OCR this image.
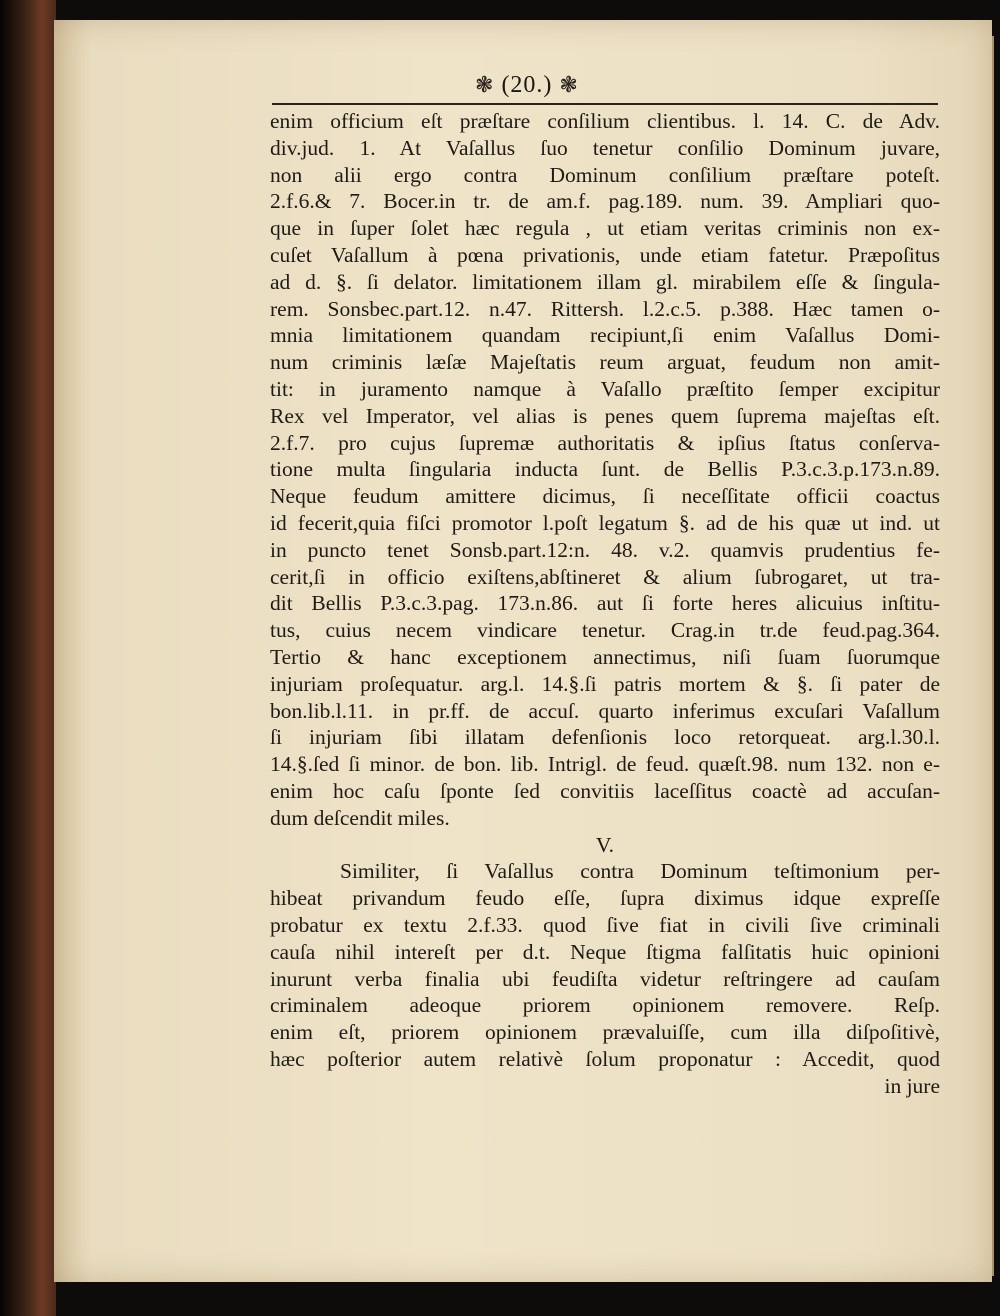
❃ (20.) ❃
enim officium eſt præſtare conſilium clientibus. l. 14. C. de Adv.
div.jud. 1. At Vaſallus ſuo tenetur conſilio Dominum juvare,
non alii ergo contra Dominum conſilium præſtare poteſt.
2.f.6.& 7. Bocer.in tr. de am.f. pag.189. num. 39. Ampliari quo-
que in ſuper ſolet hæc regula , ut etiam veritas criminis non ex-
cuſet Vaſallum à pœna privationis, unde etiam fatetur. Præpoſitus
ad d. §. ſi delator. limitationem illam gl. mirabilem eſſe & ſingula-
rem. Sonsbec.part.12. n.47. Rittersh. l.2.c.5. p.388. Hæc tamen o-
mnia limitationem quandam recipiunt,ſi enim Vaſallus Domi-
num criminis læſæ Majeſtatis reum arguat, feudum non amit-
tit: in juramento namque à Vaſallo præſtito ſemper excipitur
Rex vel Imperator, vel alias is penes quem ſuprema majeſtas eſt.
2.f.7. pro cujus ſupremæ authoritatis & ipſius ſtatus conſerva-
tione multa ſingularia inducta ſunt. de Bellis P.3.c.3.p.173.n.89.
Neque feudum amittere dicimus, ſi neceſſitate officii coactus
id fecerit,quia fiſci promotor l.poſt legatum §. ad de his quæ ut ind. ut
in puncto tenet Sonsb.part.12:n. 48. v.2. quamvis prudentius fe-
cerit,ſi in officio exiſtens,abſtineret & alium ſubrogaret, ut tra-
dit Bellis P.3.c.3.pag. 173.n.86. aut ſi forte heres alicuius inſtitu-
tus, cuius necem vindicare tenetur. Crag.in tr.de feud.pag.364.
Tertio & hanc exceptionem annectimus, niſi ſuam ſuorumque
injuriam proſequatur. arg.l. 14.§.ſi patris mortem & §. ſi pater de
bon.lib.l.11. in pr.ff. de accuſ. quarto inferimus excuſari Vaſallum
ſi injuriam ſibi illatam defenſionis loco retorqueat. arg.l.30.l.
14.§.ſed ſi minor. de bon. lib. Intrigl. de feud. quæſt.98. num 132. non e-
enim hoc caſu ſponte ſed convitiis laceſſitus coactè ad accuſan-
dum deſcendit miles.
V.
Similiter, ſi Vaſallus contra Dominum teſtimonium per-
hibeat privandum feudo eſſe, ſupra diximus idque expreſſe
probatur ex textu 2.f.33. quod ſive fiat in civili ſive criminali
cauſa nihil intereſt per d.t. Neque ſtigma falſitatis huic opinioni
inurunt verba finalia ubi feudiſta videtur reſtringere ad cauſam
criminalem adeoque priorem opinionem removere. Reſp.
enim eſt, priorem opinionem prævaluiſſe, cum illa diſpoſitivè,
hæc poſterior autem relativè ſolum proponatur : Accedit, quod
in jure
